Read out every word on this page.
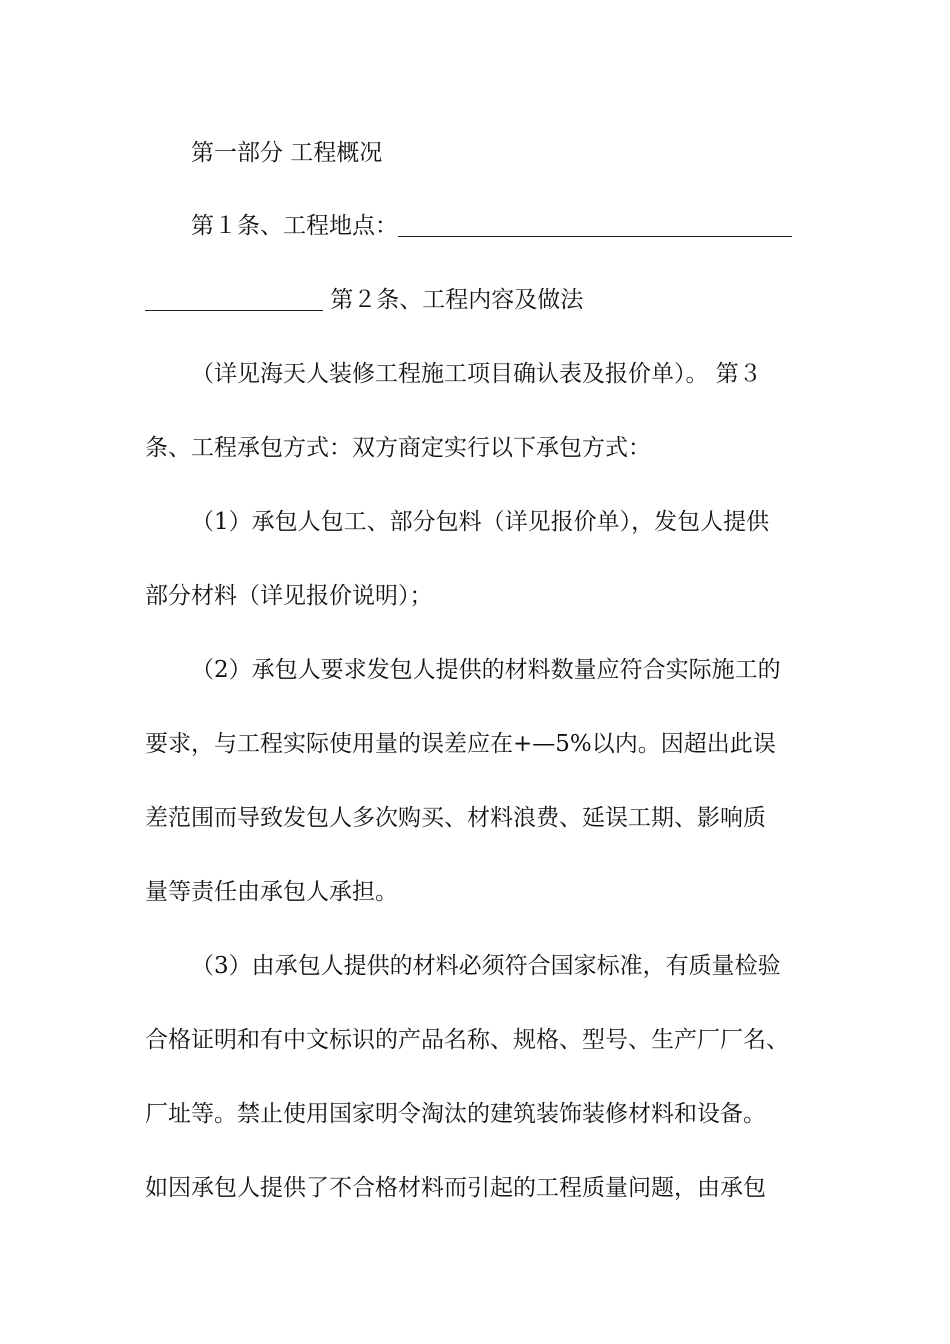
第一部分 工程概况
第１条、工程地点：
第２条、工程内容及做法
（详见海天人装修工程施工项目确认表及报价单）。 第３
条、工程承包方式：双方商定实行以下承包方式：
（1）承包人包工、部分包料（详见报价单），发包人提供
部分材料（详见报价说明）；
（2）承包人要求发包人提供的材料数量应符合实际施工的
要求，与工程实际使用量的误差应在+—5%以内。因超出此误
差范围而导致发包人多次购买、材料浪费、延误工期、影响质
量等责任由承包人承担。
（3）由承包人提供的材料必须符合国家标准，有质量检验
合格证明和有中文标识的产品名称、规格、型号、生产厂厂名、
厂址等。禁止使用国家明令淘汰的建筑装饰装修材料和设备。
如因承包人提供了不合格材料而引起的工程质量问题，由承包
